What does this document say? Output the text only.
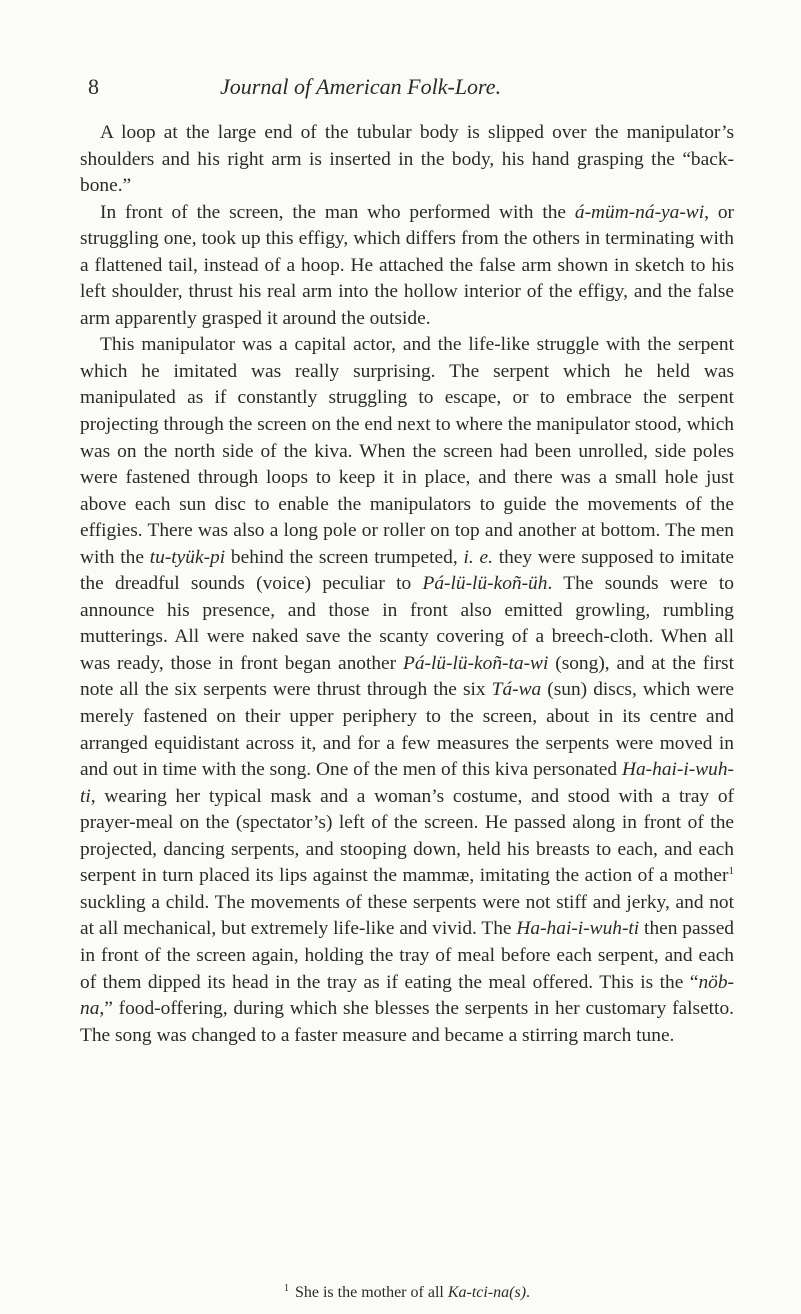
8	Journal of American Folk-Lore.

A loop at the large end of the tubular body is slipped over the manipulator’s shoulders and his right arm is inserted in the body, his hand grasping the “back-bone.”

In front of the screen, the man who performed with the á-müm-ná-ya-wi, or struggling one, took up this effigy, which differs from the others in terminating with a flattened tail, instead of a hoop. He attached the false arm shown in sketch to his left shoulder, thrust his real arm into the hollow interior of the effigy, and the false arm apparently grasped it around the outside.

This manipulator was a capital actor, and the life-like struggle with the serpent which he imitated was really surprising. The serpent which he held was manipulated as if constantly struggling to escape, or to embrace the serpent projecting through the screen on the end next to where the manipulator stood, which was on the north side of the kiva. When the screen had been unrolled, side poles were fastened through loops to keep it in place, and there was a small hole just above each sun disc to enable the manipulators to guide the movements of the effigies. There was also a long pole or roller on top and another at bottom. The men with the tu-tyük-pi behind the screen trumpeted, i. e. they were supposed to imitate the dreadful sounds (voice) peculiar to Pá-lü-lü-koñ-üh. The sounds were to announce his presence, and those in front also emitted growling, rumbling mutterings. All were naked save the scanty covering of a breech-cloth. When all was ready, those in front began another Pá-lü-lü-koñ-ta-wi (song), and at the first note all the six serpents were thrust through the six Tá-wa (sun) discs, which were merely fastened on their upper periphery to the screen, about in its centre and arranged equidistant across it, and for a few measures the serpents were moved in and out in time with the song. One of the men of this kiva personated Ha-hai-i-wuh-ti, wearing her typical mask and a woman’s costume, and stood with a tray of prayer-meal on the (spectator’s) left of the screen. He passed along in front of the projected, dancing serpents, and stooping down, held his breasts to each, and each serpent in turn placed its lips against the mammæ, imitating the action of a mother$^1$ suckling a child. The movements of these serpents were not stiff and jerky, and not at all mechanical, but extremely life-like and vivid. The Ha-hai-i-wuh-ti then passed in front of the screen again, holding the tray of meal before each serpent, and each of them dipped its head in the tray as if eating the meal offered. This is the “nöb-na,” food-offering, during which she blesses the serpents in her customary falsetto. The song was changed to a faster measure and became a stirring march tune.

$^1$ She is the mother of all Ka-tci-na(s).
